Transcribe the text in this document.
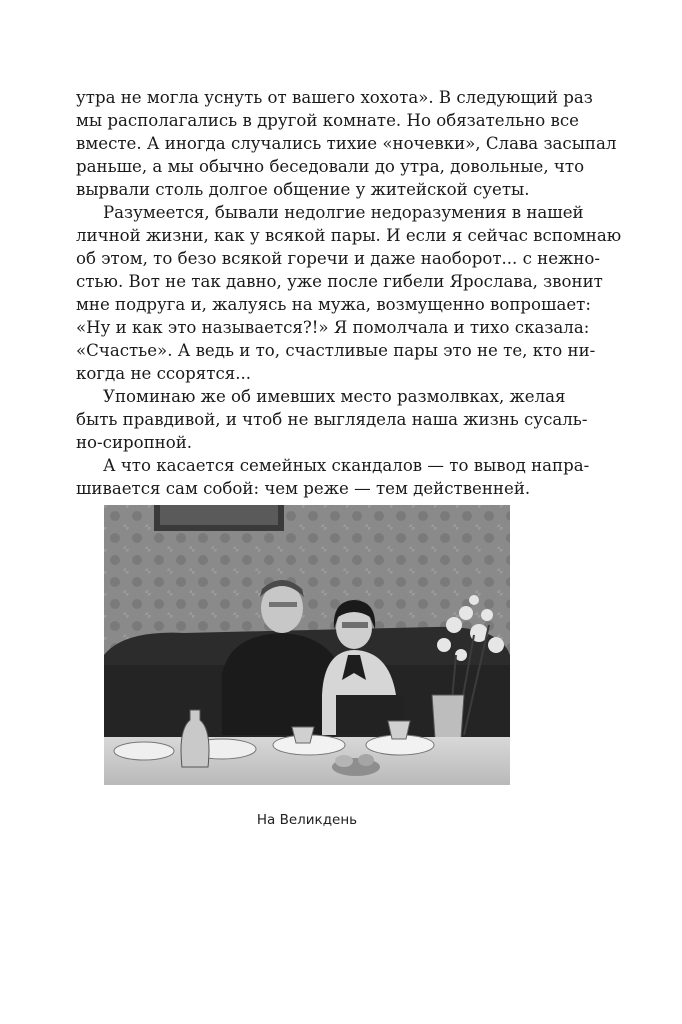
утра не могла уснуть от вашего хохота». В следующий раз
мы располагались в другой комнате. Но обязательно все
вместе. А иногда случались тихие «ночевки», Слава засыпал
раньше, а мы обычно беседовали до утра, довольные, что
вырвали столь долгое общение у житейской суеты.
Разумеется, бывали недолгие недоразумения в нашей
личной жизни, как у всякой пары. И если я сейчас вспомнаю
об этом, то безо всякой горечи и даже наоборот... с нежно-
стью. Вот не так давно, уже после гибели Ярослава, звонит
мне подруга и, жалуясь на мужа, возмущенно вопрошает:
«Ну и как это называется?!» Я помолчала и тихо сказала:
«Счастье». А ведь и то, счастливые пары это не те, кто ни-
когда не ссорятся...
Упоминаю же об имевших место размолвках, желая
быть правдивой, и чтоб не выглядела наша жизнь сусаль-
но-сиропной.
А что касается семейных скандалов — то вывод напра-
шивается сам собой: чем реже — тем действенней.
На Великдень
